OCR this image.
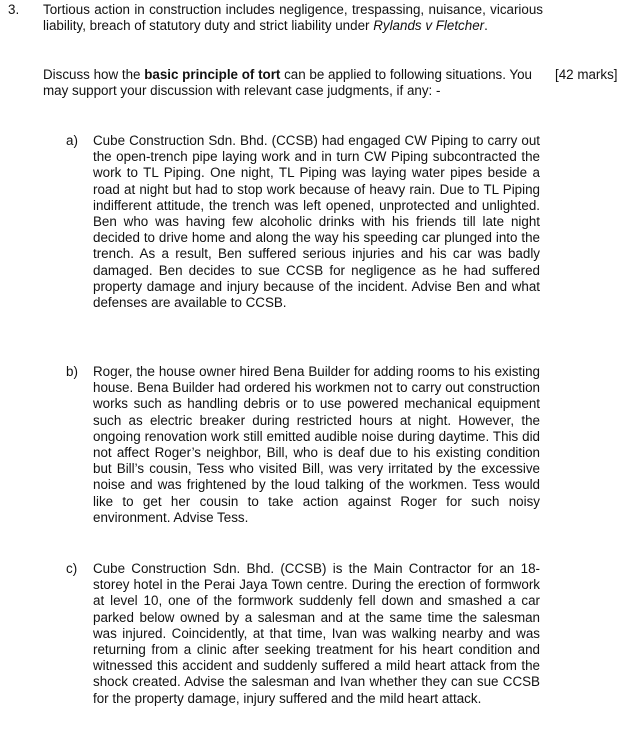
3. Tortious action in construction includes negligence, trespassing, nuisance, vicarious liability, breach of statutory duty and strict liability under Rylands v Fletcher.
Discuss how the basic principle of tort can be applied to following situations. You may support your discussion with relevant case judgments, if any: -
[42 marks]
a) Cube Construction Sdn. Bhd. (CCSB) had engaged CW Piping to carry out the open-trench pipe laying work and in turn CW Piping subcontracted the work to TL Piping. One night, TL Piping was laying water pipes beside a road at night but had to stop work because of heavy rain. Due to TL Piping indifferent attitude, the trench was left opened, unprotected and unlighted. Ben who was having few alcoholic drinks with his friends till late night decided to drive home and along the way his speeding car plunged into the trench. As a result, Ben suffered serious injuries and his car was badly damaged. Ben decides to sue CCSB for negligence as he had suffered property damage and injury because of the incident. Advise Ben and what defenses are available to CCSB.
b) Roger, the house owner hired Bena Builder for adding rooms to his existing house. Bena Builder had ordered his workmen not to carry out construction works such as handling debris or to use powered mechanical equipment such as electric breaker during restricted hours at night. However, the ongoing renovation work still emitted audible noise during daytime. This did not affect Roger’s neighbor, Bill, who is deaf due to his existing condition but Bill’s cousin, Tess who visited Bill, was very irritated by the excessive noise and was frightened by the loud talking of the workmen. Tess would like to get her cousin to take action against Roger for such noisy environment. Advise Tess.
c) Cube Construction Sdn. Bhd. (CCSB) is the Main Contractor for an 18-storey hotel in the Perai Jaya Town centre. During the erection of formwork at level 10, one of the formwork suddenly fell down and smashed a car parked below owned by a salesman and at the same time the salesman was injured. Coincidently, at that time, Ivan was walking nearby and was returning from a clinic after seeking treatment for his heart condition and witnessed this accident and suddenly suffered a mild heart attack from the shock created. Advise the salesman and Ivan whether they can sue CCSB for the property damage, injury suffered and the mild heart attack.
